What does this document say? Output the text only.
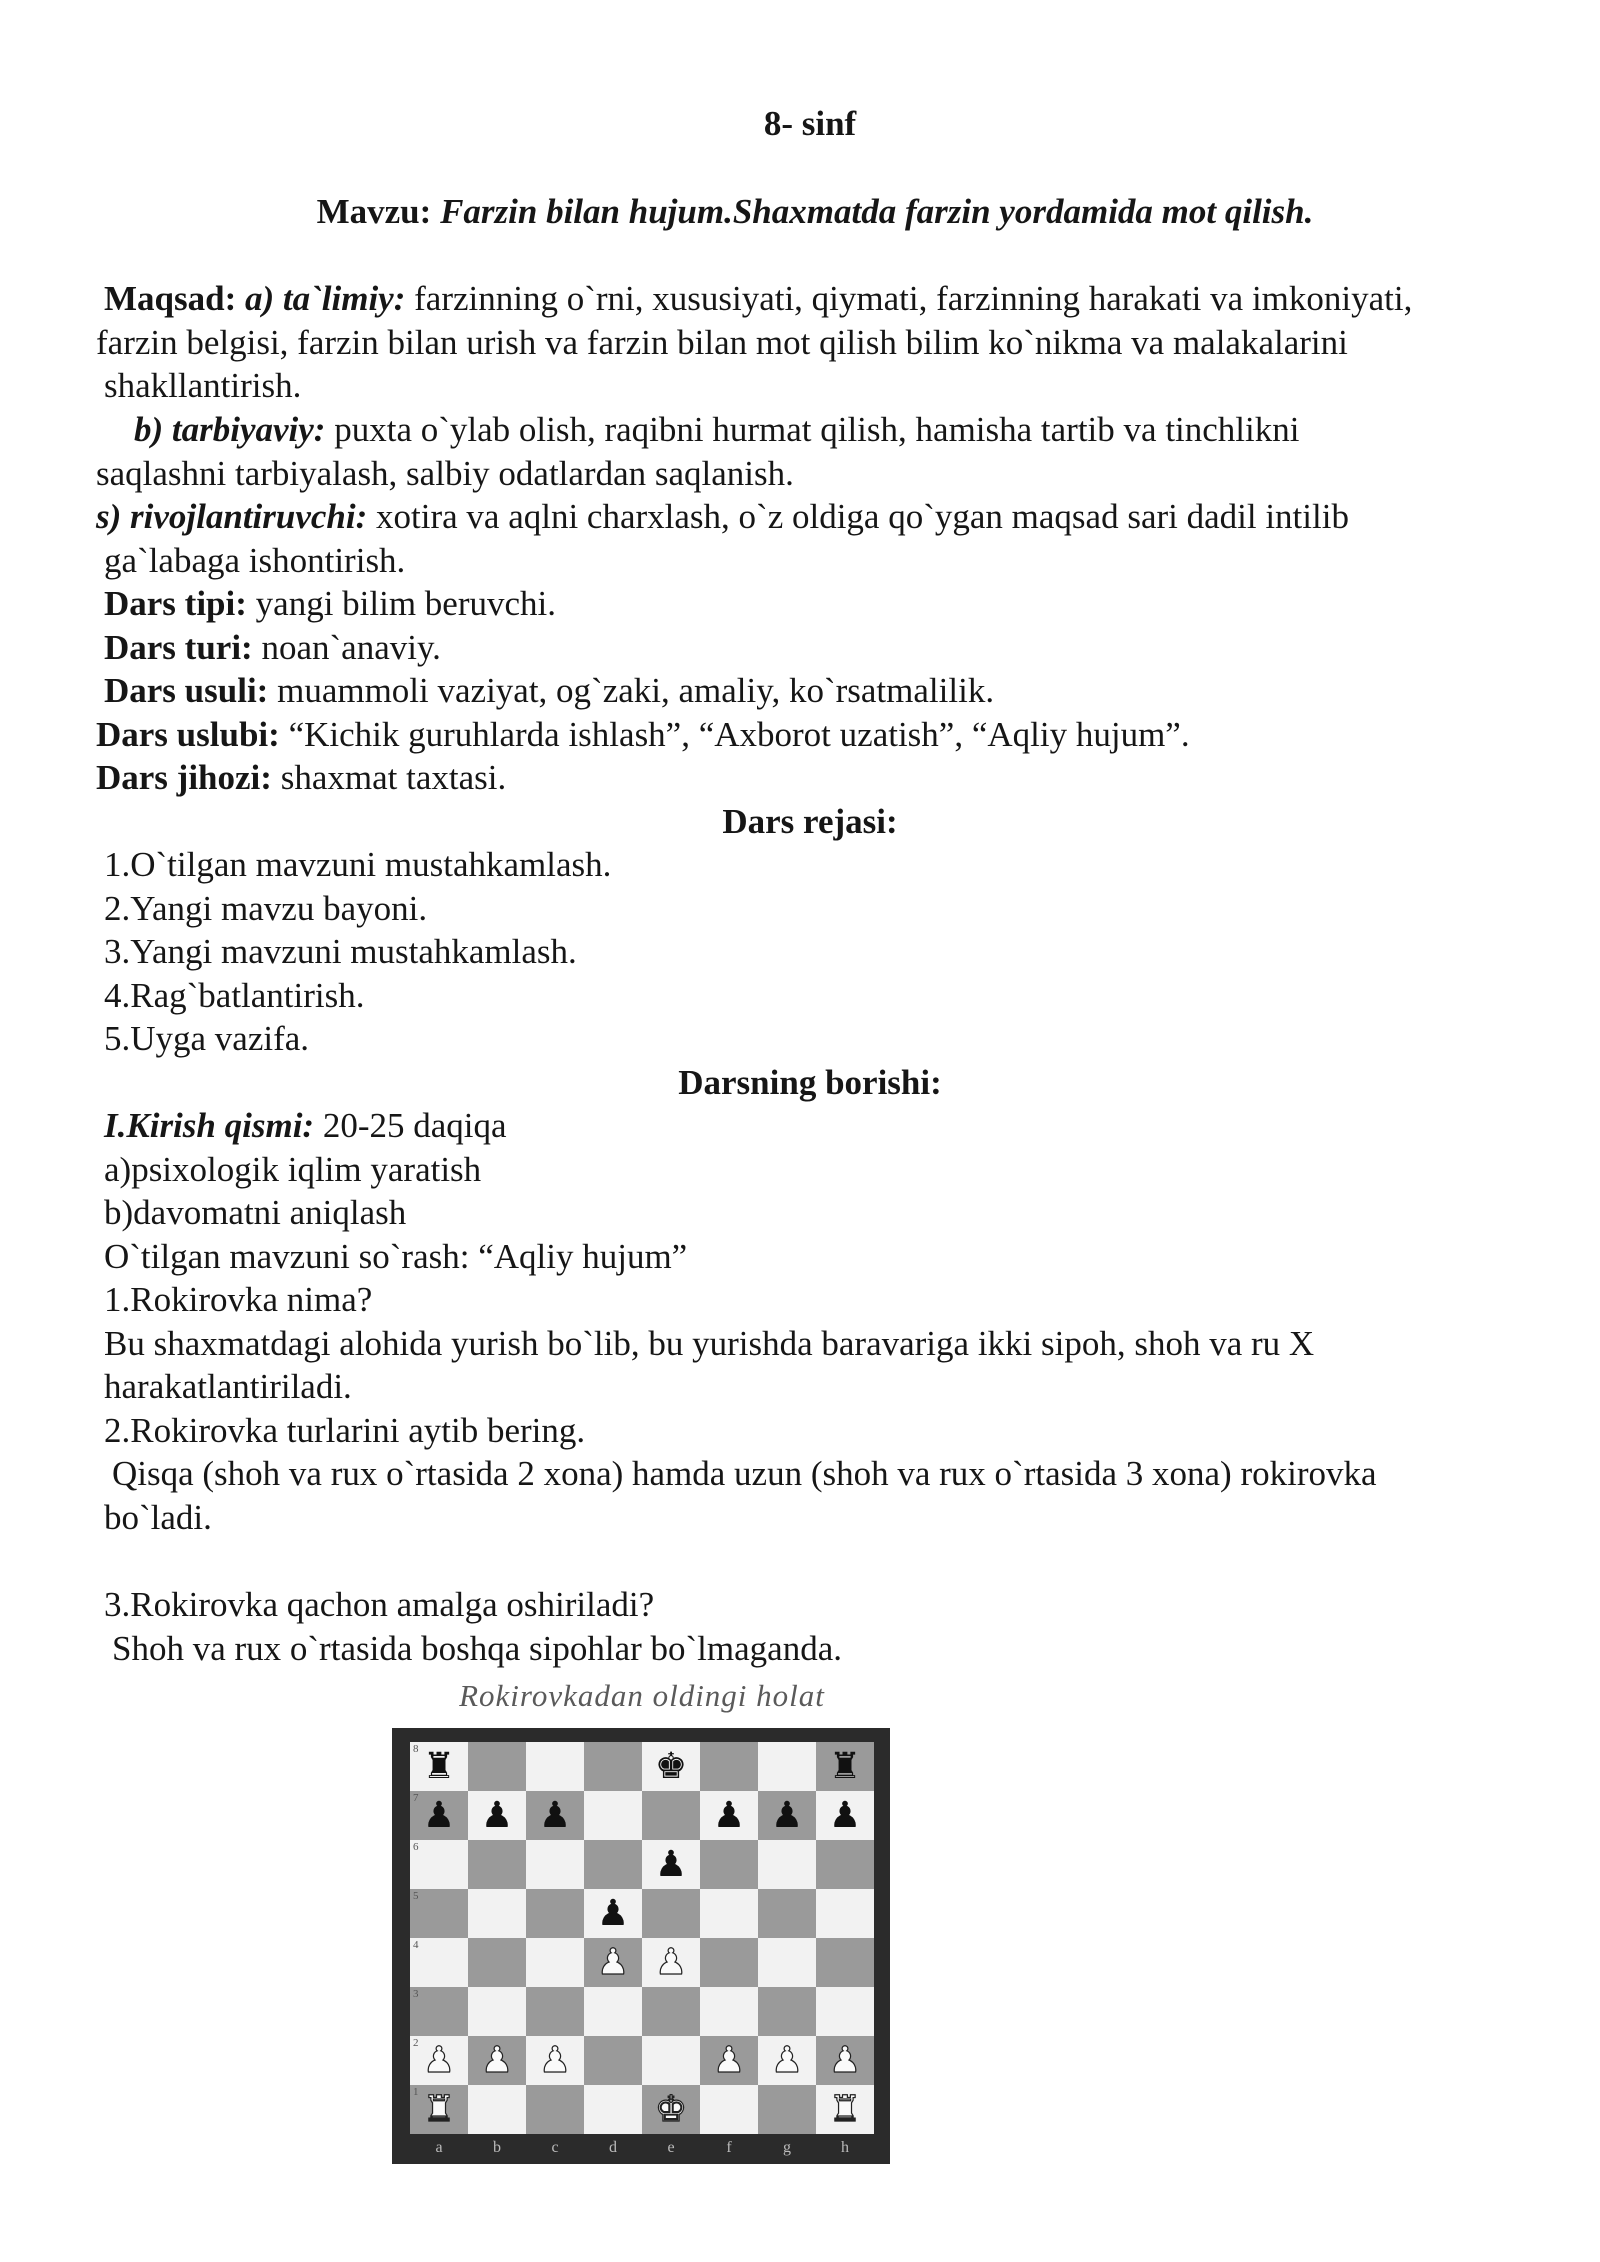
8- sinf
Mavzu: Farzin bilan hujum.Shaxmatda farzin yordamida mot qilish.
Maqsad: a) ta`limiy: farzinning o`rni, xususiyati, qiymati, farzinning harakati va imkoniyati,
farzin belgisi, farzin bilan urish va farzin bilan mot qilish bilim ko`nikma va malakalarini
shakllantirish.
b) tarbiyaviy: puxta o`ylab olish, raqibni hurmat qilish, hamisha tartib va tinchlikni
saqlashni tarbiyalash, salbiy odatlardan saqlanish.
s) rivojlantiruvchi: xotira va aqlni charxlash, o`z oldiga qo`ygan maqsad sari dadil intilib
ga`labaga ishontirish.
Dars tipi: yangi bilim beruvchi.
Dars turi: noan`anaviy.
Dars usuli: muammoli vaziyat, og`zaki, amaliy, ko`rsatmalilik.
Dars uslubi: “Kichik guruhlarda ishlash”, “Axborot uzatish”, “Aqliy hujum”.
Dars jihozi: shaxmat taxtasi.
Dars rejasi:
1.O`tilgan mavzuni mustahkamlash.
2.Yangi mavzu bayoni.
3.Yangi mavzuni mustahkamlash.
4.Rag`batlantirish.
5.Uyga vazifa.
Darsning borishi:
I.Kirish qismi: 20-25 daqiqa
a)psixologik iqlim yaratish
b)davomatni aniqlash
O`tilgan mavzuni so`rash: “Aqliy hujum”
1.Rokirovka nima?
Bu shaxmatdagi alohida yurish bo`lib, bu yurishda baravariga ikki sipoh, shoh va ru X
harakatlantiriladi.
2.Rokirovka turlarini aytib bering.
Qisqa (shoh va rux o`rtasida 2 xona) hamda uzun (shoh va rux o`rtasida 3 xona) rokirovka
bo`ladi.
3.Rokirovka qachon amalga oshiriladi?
Shoh va rux o`rtasida boshqa sipohlar bo`lmaganda.
Rokirovkadan oldingi holat
8 ♜	♚	♜
7 ♟ ♟ ♟	♟ ♟ ♟
6	♟
5	♟
4	♟ ♟
3
2 ♟ ♟ ♟	♟ ♟ ♟
1 ♜	♚	♜
a	b	c	d	e	f	g	h
